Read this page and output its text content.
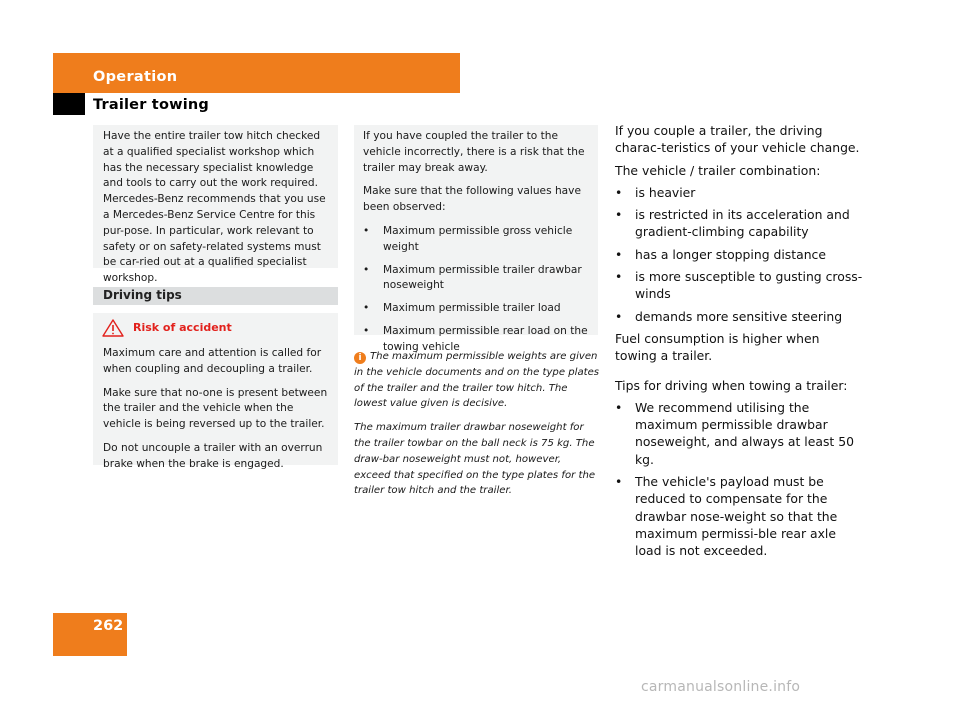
Operation
Trailer towing

Have the entire trailer tow hitch checked at a qualified specialist workshop which has the necessary specialist knowledge and tools to carry out the work required. Mercedes-Benz recommends that you use a Mercedes-Benz Service Centre for this pur-pose. In particular, work relevant to safety or on safety-related systems must be car-ried out at a qualified specialist workshop.

Driving tips
Risk of accident

Maximum care and attention is called for when coupling and decoupling a trailer.

Make sure that no-one is present between the trailer and the vehicle when the vehicle is being reversed up to the trailer.

Do not uncouple a trailer with an overrun brake when the brake is engaged.

If you have coupled the trailer to the vehicle incorrectly, there is a risk that the trailer may break away.

Make sure that the following values have been observed:

•	Maximum permissible gross vehicle weight
•	Maximum permissible trailer drawbar noseweight
•	Maximum permissible trailer load
•	Maximum permissible rear load on the towing vehicle

i The maximum permissible weights are given in the vehicle documents and on the type plates of the trailer and the trailer tow hitch. The lowest value given is decisive.

The maximum trailer drawbar noseweight for the trailer towbar on the ball neck is 75 kg. The draw-bar noseweight must not, however, exceed that specified on the type plates for the trailer tow hitch and the trailer.

If you couple a trailer, the driving charac-teristics of your vehicle change.

The vehicle / trailer combination:

•	is heavier
•	is restricted in its acceleration and gradient-climbing capability
•	has a longer stopping distance
•	is more susceptible to gusting cross-winds
•	demands more sensitive steering

Fuel consumption is higher when towing a trailer.

Tips for driving when towing a trailer:

•	We recommend utilising the maximum permissible drawbar noseweight, and always at least 50 kg.
•	The vehicle's payload must be reduced to compensate for the drawbar nose-weight so that the maximum permissi-ble rear axle load is not exceeded.
262
carmanualsonline.info
